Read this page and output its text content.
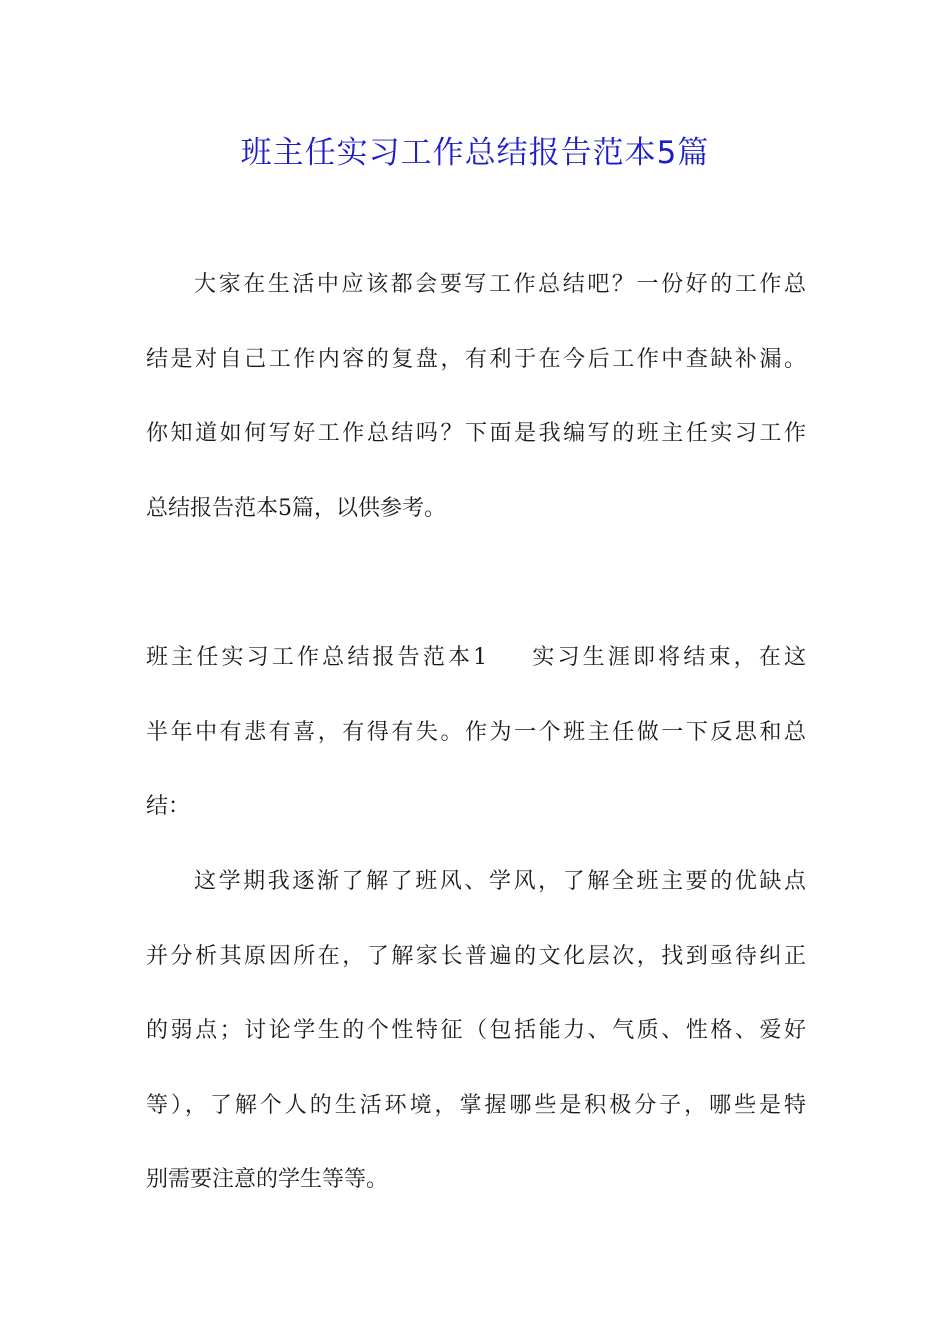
班主任实习工作总结报告范本5篇
大家在生活中应该都会要写工作总结吧？一份好的工作总
结是对自己工作内容的复盘，有利于在今后工作中查缺补漏。
你知道如何写好工作总结吗？下面是我编写的班主任实习工作
总结报告范本5篇，以供参考。
班主任实习工作总结报告范本1 实习生涯即将结束，在这
半年中有悲有喜，有得有失。作为一个班主任做一下反思和总
结：
这学期我逐渐了解了班风、学风，了解全班主要的优缺点
并分析其原因所在，了解家长普遍的文化层次，找到亟待纠正
的弱点；讨论学生的个性特征（包括能力、气质、性格、爱好
等），了解个人的生活环境，掌握哪些是积极分子，哪些是特
别需要注意的学生等等。
